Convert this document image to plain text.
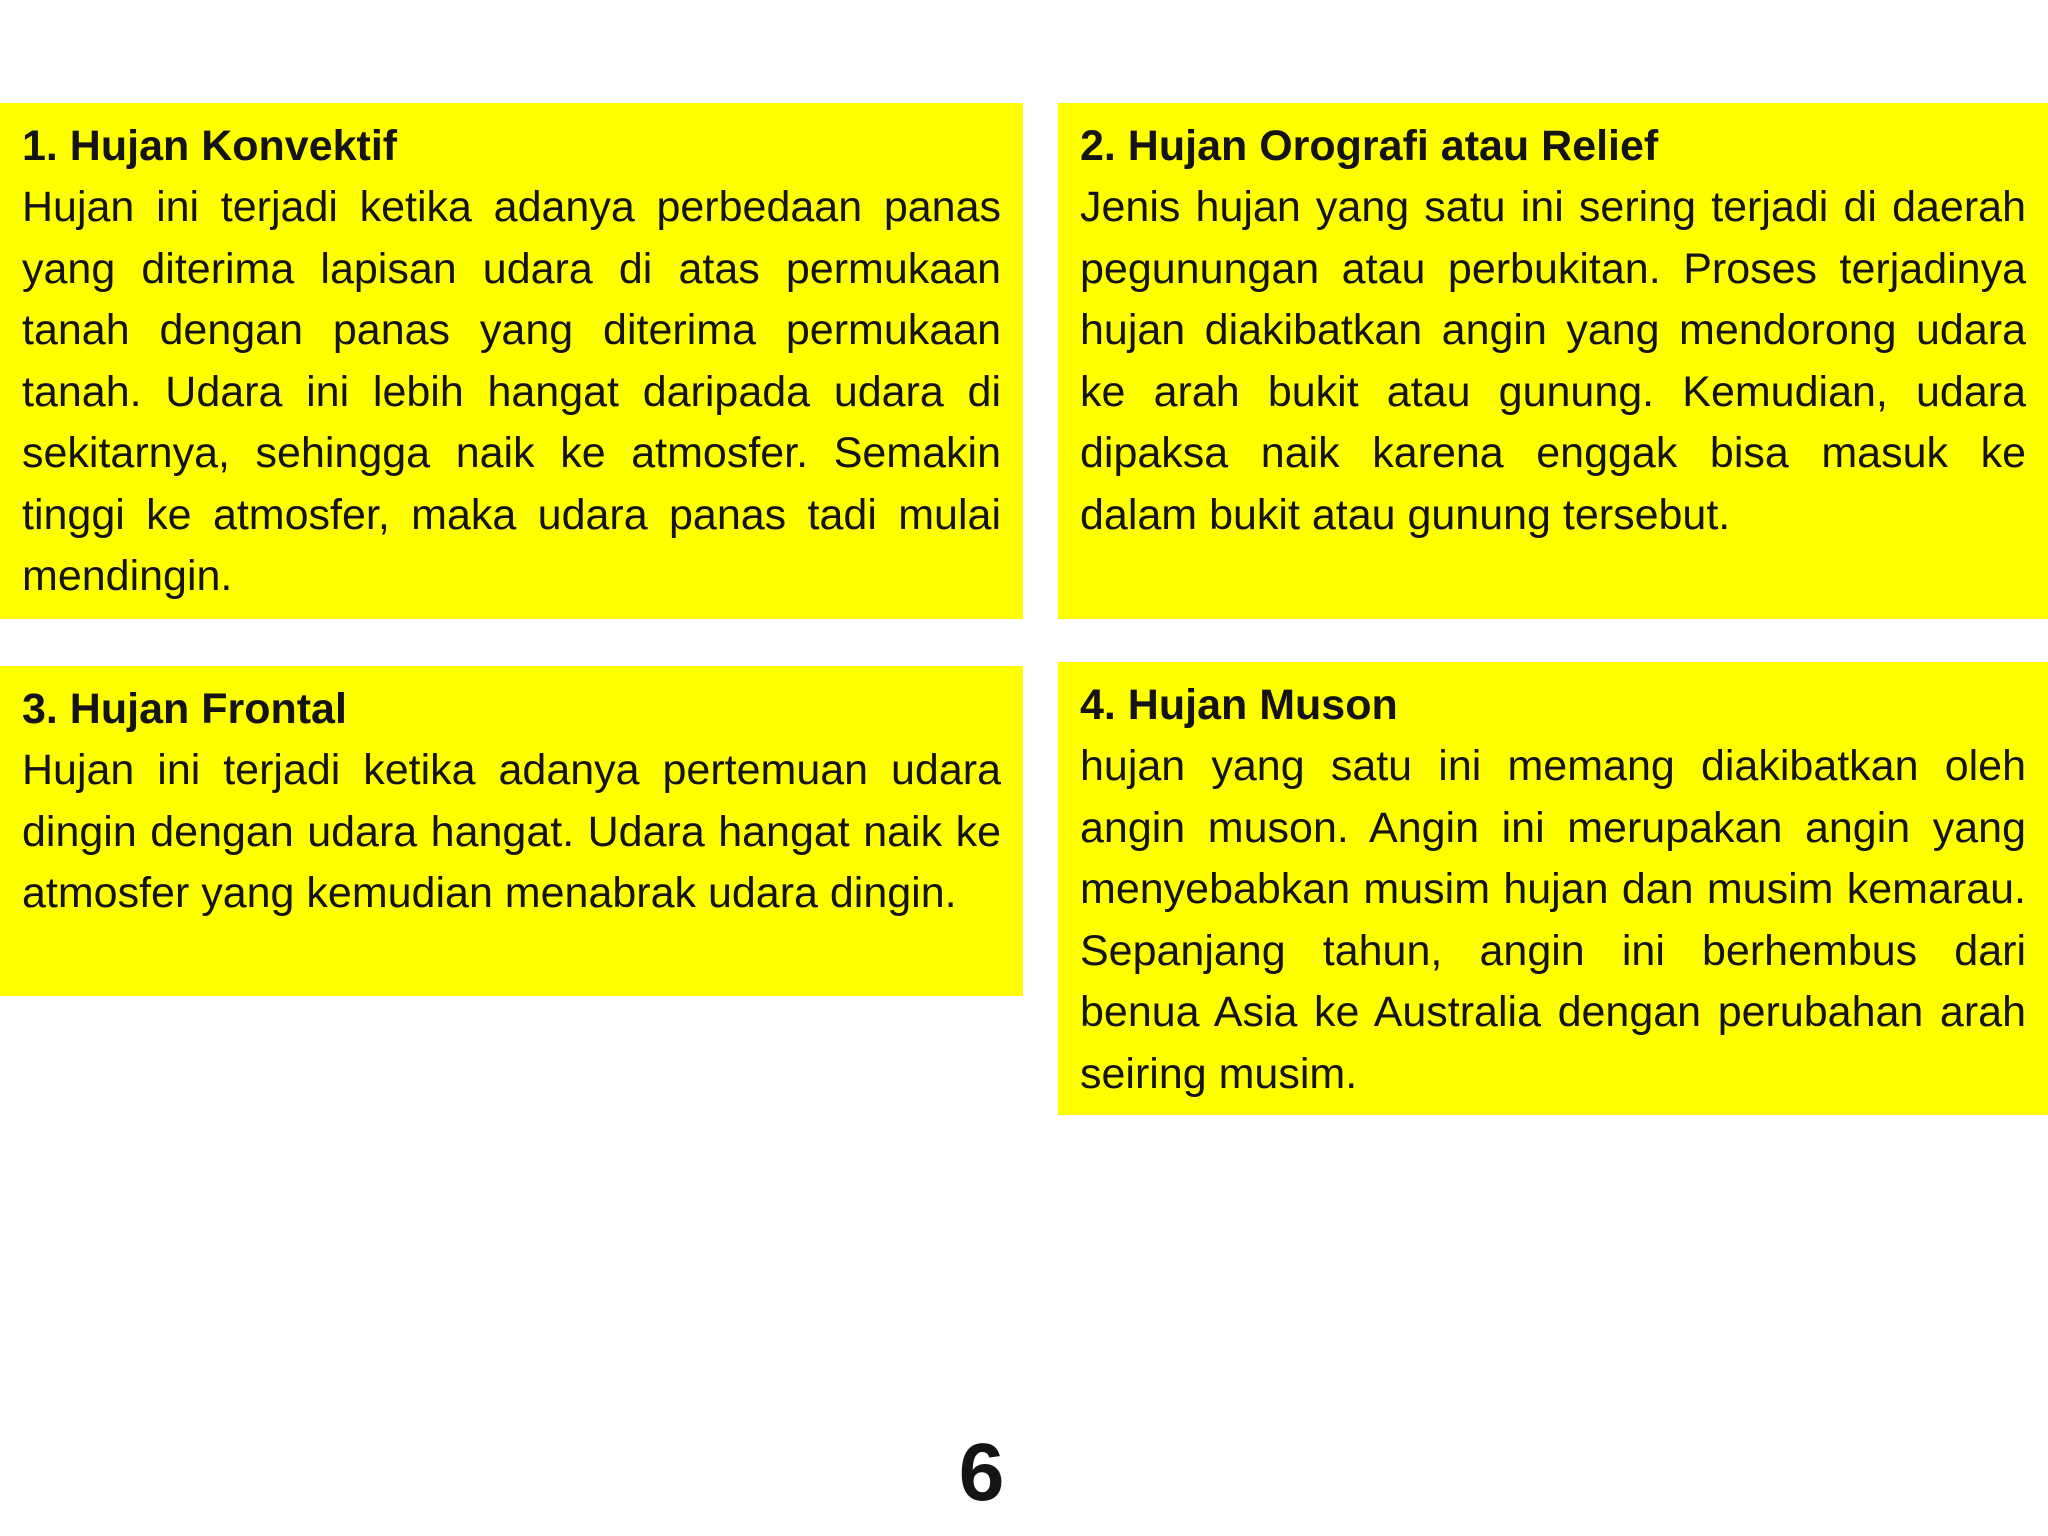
1. Hujan Konvektif

Hujan ini terjadi ketika adanya perbedaan panas yang diterima lapisan udara di atas permukaan tanah dengan panas yang diterima permukaan tanah. Udara ini lebih hangat daripada udara di sekitarnya, sehingga naik ke atmosfer. Semakin tinggi ke atmosfer, maka udara panas tadi mulai mendingin.

2. Hujan Orografi atau Relief

Jenis hujan yang satu ini sering terjadi di daerah pegunungan atau perbukitan. Proses terjadinya hujan diakibatkan angin yang mendorong udara ke arah bukit atau gunung. Kemudian, udara dipaksa naik karena enggak bisa masuk ke dalam bukit atau gunung tersebut.

3. Hujan Frontal

Hujan ini terjadi ketika adanya pertemuan udara dingin dengan udara hangat. Udara hangat naik ke atmosfer yang kemudian menabrak udara dingin.

4. Hujan Muson

hujan yang satu ini memang diakibatkan oleh angin muson. Angin ini merupakan angin yang menyebabkan musim hujan dan musim kemarau. Sepanjang tahun, angin ini berhembus dari benua Asia ke Australia dengan perubahan arah seiring musim.

6
